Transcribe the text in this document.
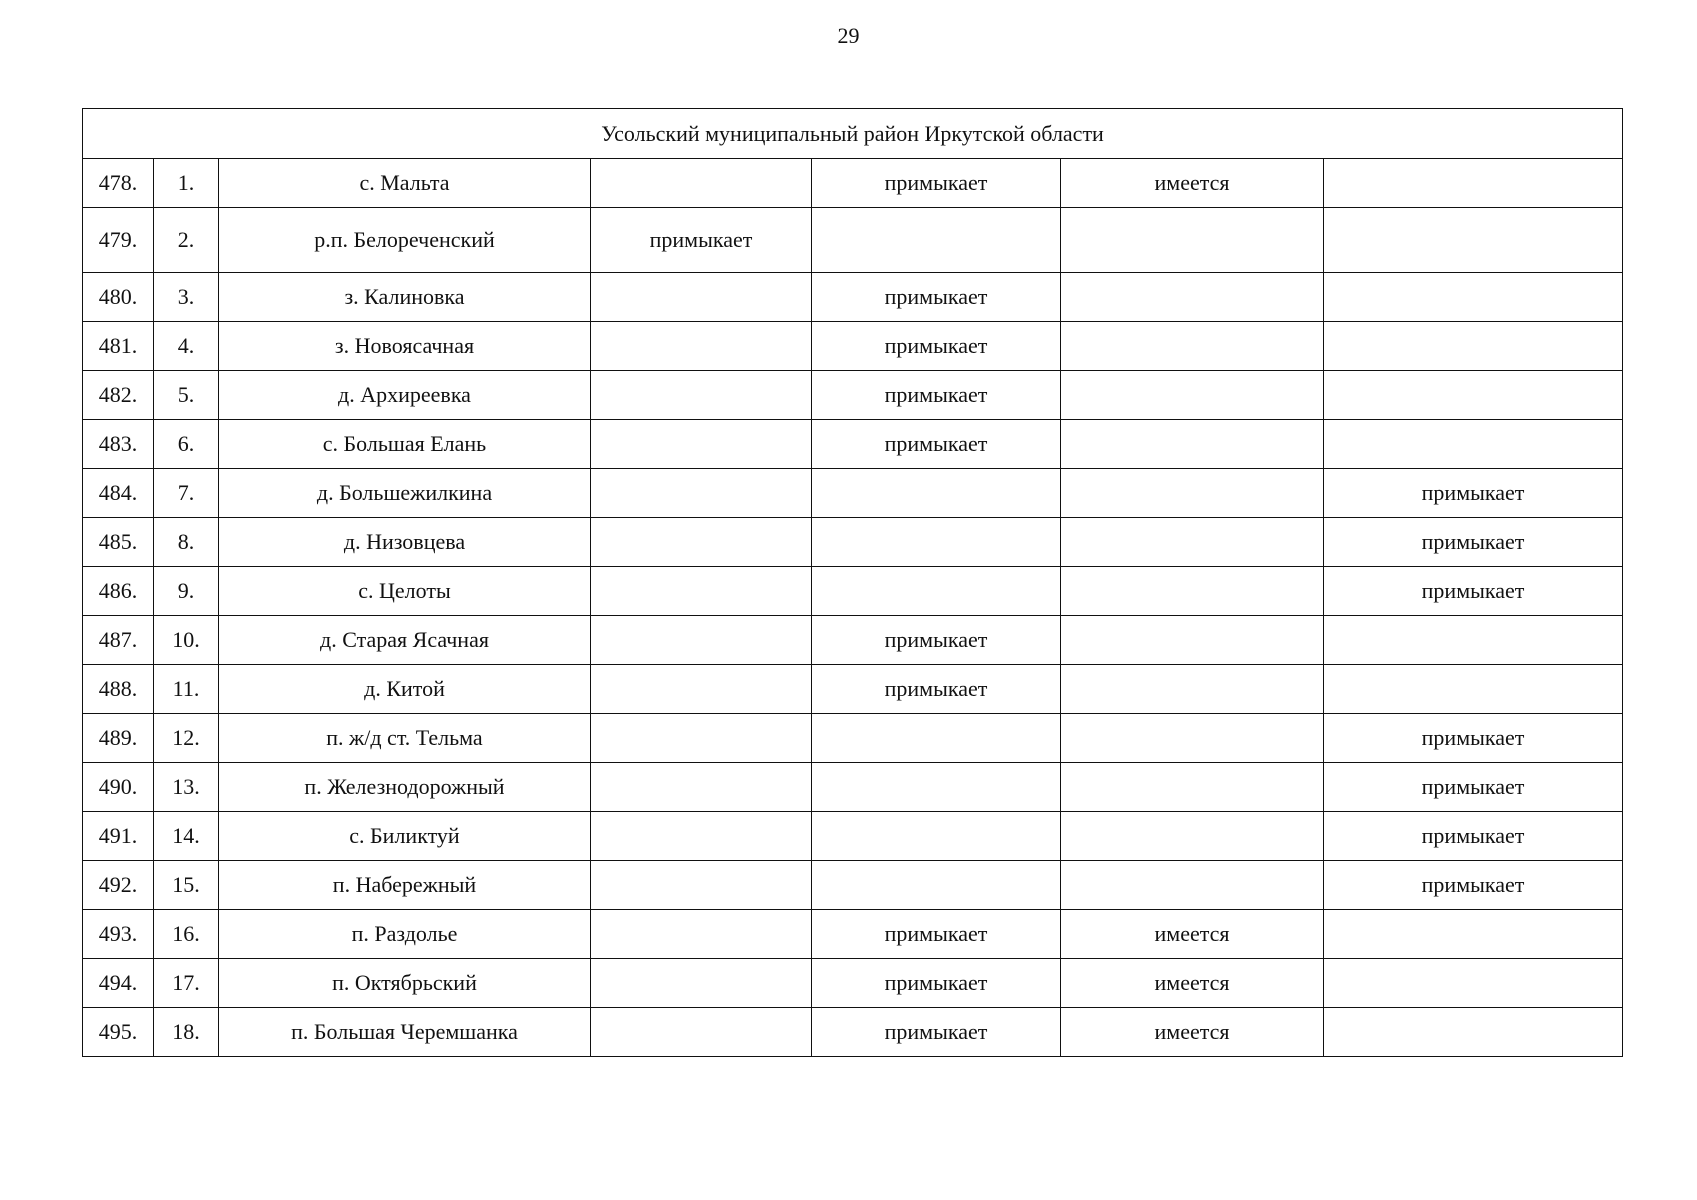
29
Усольский муниципальный район Иркутской области						
478.	1.	с. Мальта		примыкает	имеется	
479.	2.	р.п. Белореченский	примыкает			
480.	3.	з. Калиновка		примыкает		
481.	4.	з. Новоясачная		примыкает		
482.	5.	д. Архиреевка		примыкает		
483.	6.	с. Большая Елань		примыкает		
484.	7.	д. Большежилкина				примыкает
485.	8.	д. Низовцева				примыкает
486.	9.	с. Целоты				примыкает
487.	10.	д. Старая Ясачная		примыкает		
488.	11.	д. Китой		примыкает		
489.	12.	п. ж/д ст. Тельма				примыкает
490.	13.	п. Железнодорожный				примыкает
491.	14.	с. Биликтуй				примыкает
492.	15.	п. Набережный				примыкает
493.	16.	п. Раздолье		примыкает	имеется	
494.	17.	п. Октябрьский		примыкает	имеется	
495.	18.	п. Большая Черемшанка		примыкает	имеется	
